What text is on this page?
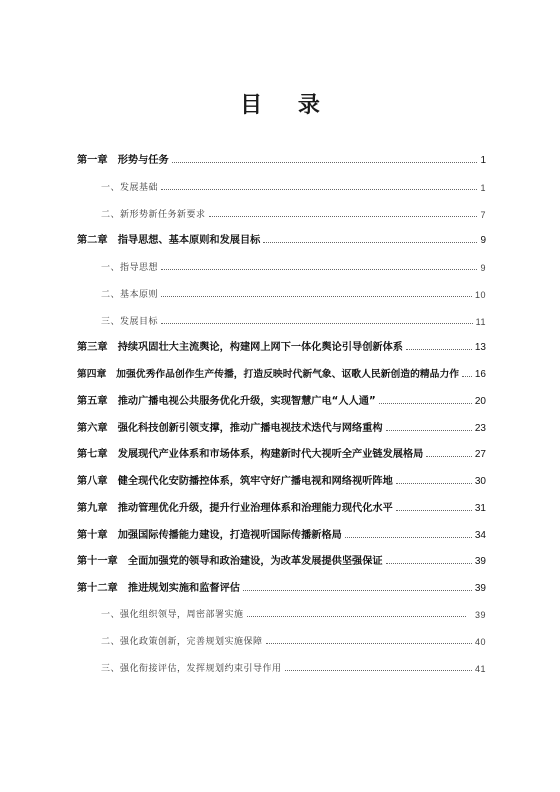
目 录
第一章　形势与任务	1
一、发展基础	1
二、新形势新任务新要求	7
第二章　指导思想、基本原则和发展目标	9
一、指导思想	9
二、基本原则	10
三、发展目标	11
第三章　持续巩固壮大主流舆论，构建网上网下一体化舆论引导创新体系	13
第四章　加强优秀作品创作生产传播，打造反映时代新气象、讴歌人民新创造的精品力作 16
第五章　推动广播电视公共服务优化升级，实现智慧广电“人人通”	20
第六章　强化科技创新引领支撑，推动广播电视技术迭代与网络重构	23
第七章　发展现代产业体系和市场体系，构建新时代大视听全产业链发展格局	27
第八章　健全现代化安防播控体系，筑牢守好广播电视和网络视听阵地	30
第九章　推动管理优化升级，提升行业治理体系和治理能力现代化水平	31
第十章　加强国际传播能力建设，打造视听国际传播新格局	34
第十一章　全面加强党的领导和政治建设，为改革发展提供坚强保证	39
第十二章　推进规划实施和监督评估	39
一、强化组织领导，周密部署实施	39
二、强化政策创新，完善规划实施保障	40
三、强化衔接评估，发挥规划约束引导作用	41
